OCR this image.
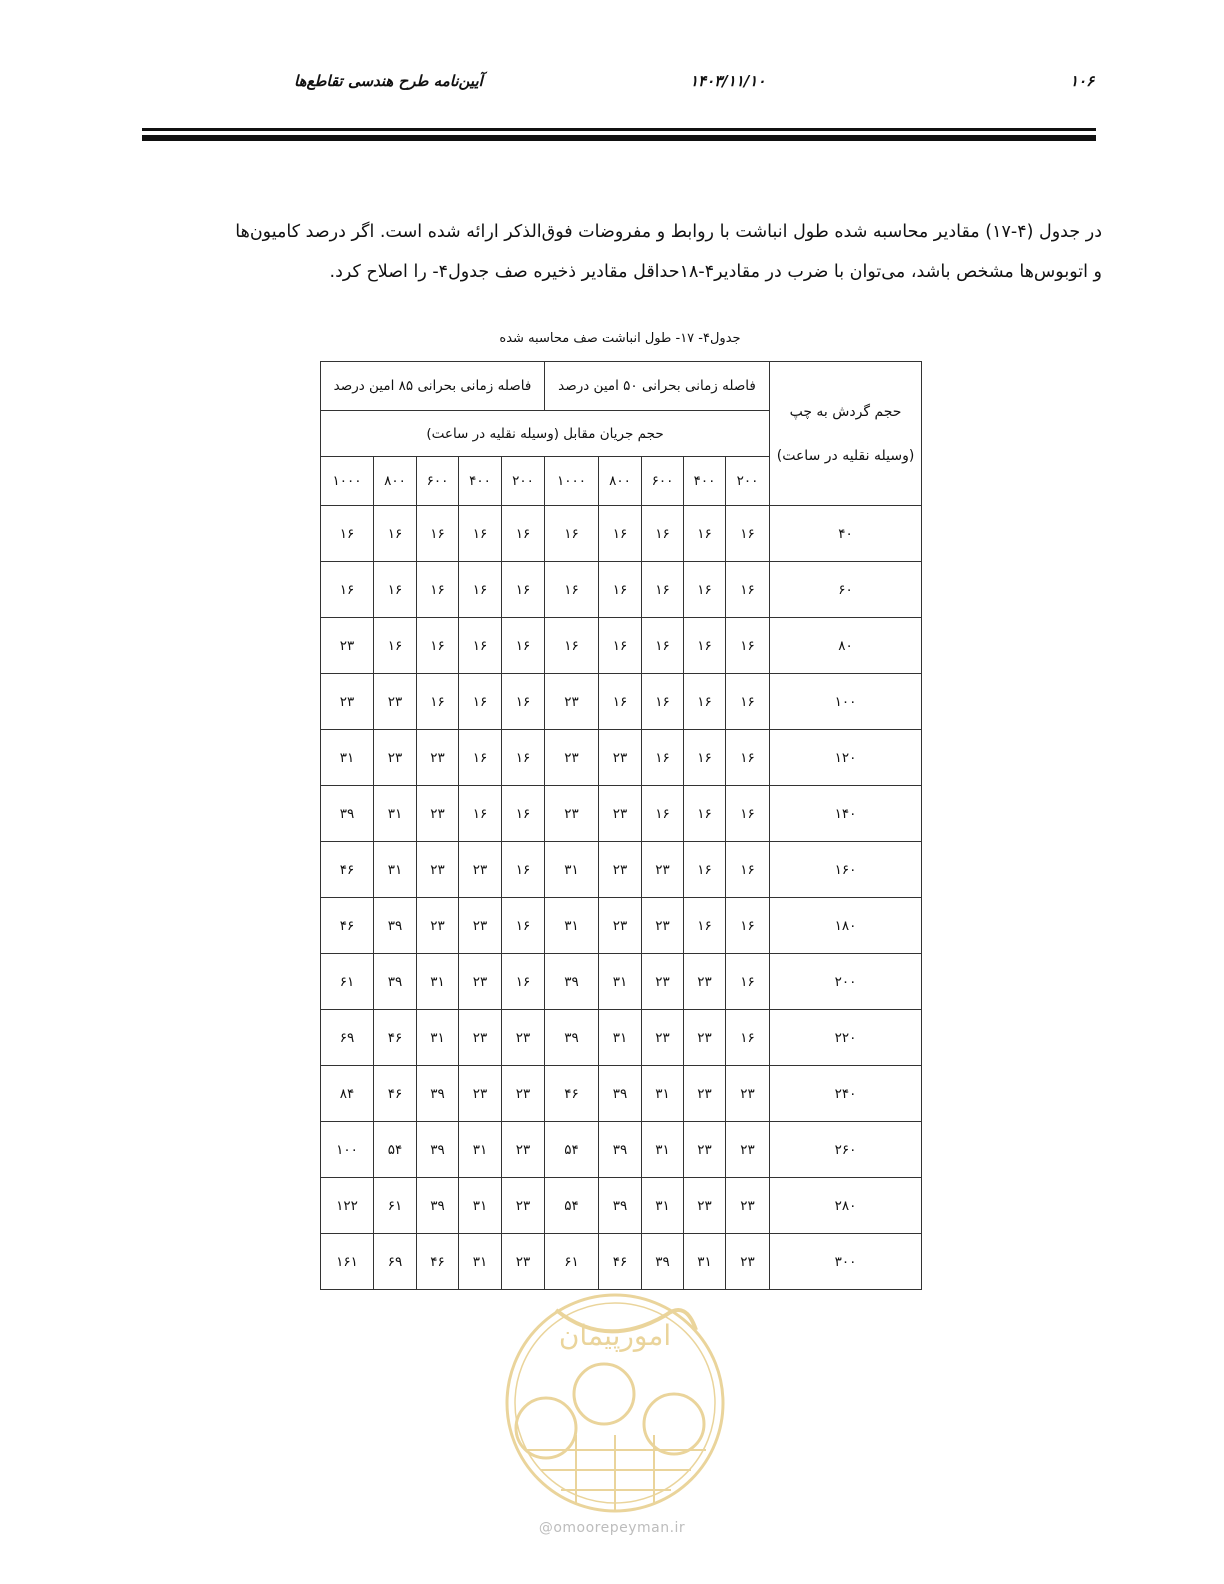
۱۰۶
۱۴۰۳/۱۱/۱۰
آیین‌نامه طرح هندسی تقاطع‌ها

در جدول (۴-۱۷) مقادیر محاسبه شده طول انباشت با روابط و مفروضات فوق‌الذکر ارائه شده است. اگر درصد کامیون‌ها

و اتوبوس‌ها مشخص باشد، می‌توان با ضرب در مقادیر۴-۱۸حداقل مقادیر ذخیره صف جدول۴- را اصلاح کرد.

جدول۴- ۱۷- طول انباشت صف محاسبه شده
حجم گردش به چپ
(وسیله نقلیه در ساعت)	فاصله زمانی بحرانی ۵۰ امین درصد					فاصله زمانی بحرانی ۸۵ امین درصد				
	حجم جریان مقابل (وسیله نقلیه در ساعت)									
	۲۰۰	۴۰۰	۶۰۰	۸۰۰	۱۰۰۰	۲۰۰	۴۰۰	۶۰۰	۸۰۰	۱۰۰۰
۴۰	۱۶	۱۶	۱۶	۱۶	۱۶	۱۶	۱۶	۱۶	۱۶	۱۶
۶۰	۱۶	۱۶	۱۶	۱۶	۱۶	۱۶	۱۶	۱۶	۱۶	۱۶
۸۰	۱۶	۱۶	۱۶	۱۶	۱۶	۱۶	۱۶	۱۶	۱۶	۲۳
۱۰۰	۱۶	۱۶	۱۶	۱۶	۲۳	۱۶	۱۶	۱۶	۲۳	۲۳
۱۲۰	۱۶	۱۶	۱۶	۲۳	۲۳	۱۶	۱۶	۲۳	۲۳	۳۱
۱۴۰	۱۶	۱۶	۱۶	۲۳	۲۳	۱۶	۱۶	۲۳	۳۱	۳۹
۱۶۰	۱۶	۱۶	۲۳	۲۳	۳۱	۱۶	۲۳	۲۳	۳۱	۴۶
۱۸۰	۱۶	۱۶	۲۳	۲۳	۳۱	۱۶	۲۳	۲۳	۳۹	۴۶
۲۰۰	۱۶	۲۳	۲۳	۳۱	۳۹	۱۶	۲۳	۳۱	۳۹	۶۱
۲۲۰	۱۶	۲۳	۲۳	۳۱	۳۹	۲۳	۲۳	۳۱	۴۶	۶۹
۲۴۰	۲۳	۲۳	۳۱	۳۹	۴۶	۲۳	۲۳	۳۹	۴۶	۸۴
۲۶۰	۲۳	۲۳	۳۱	۳۹	۵۴	۲۳	۳۱	۳۹	۵۴	۱۰۰
۲۸۰	۲۳	۲۳	۳۱	۳۹	۵۴	۲۳	۳۱	۳۹	۶۱	۱۲۲
۳۰۰	۲۳	۳۱	۳۹	۴۶	۶۱	۲۳	۳۱	۴۶	۶۹	۱۶۱
امورپیمان
@omoorepeyman.ir
